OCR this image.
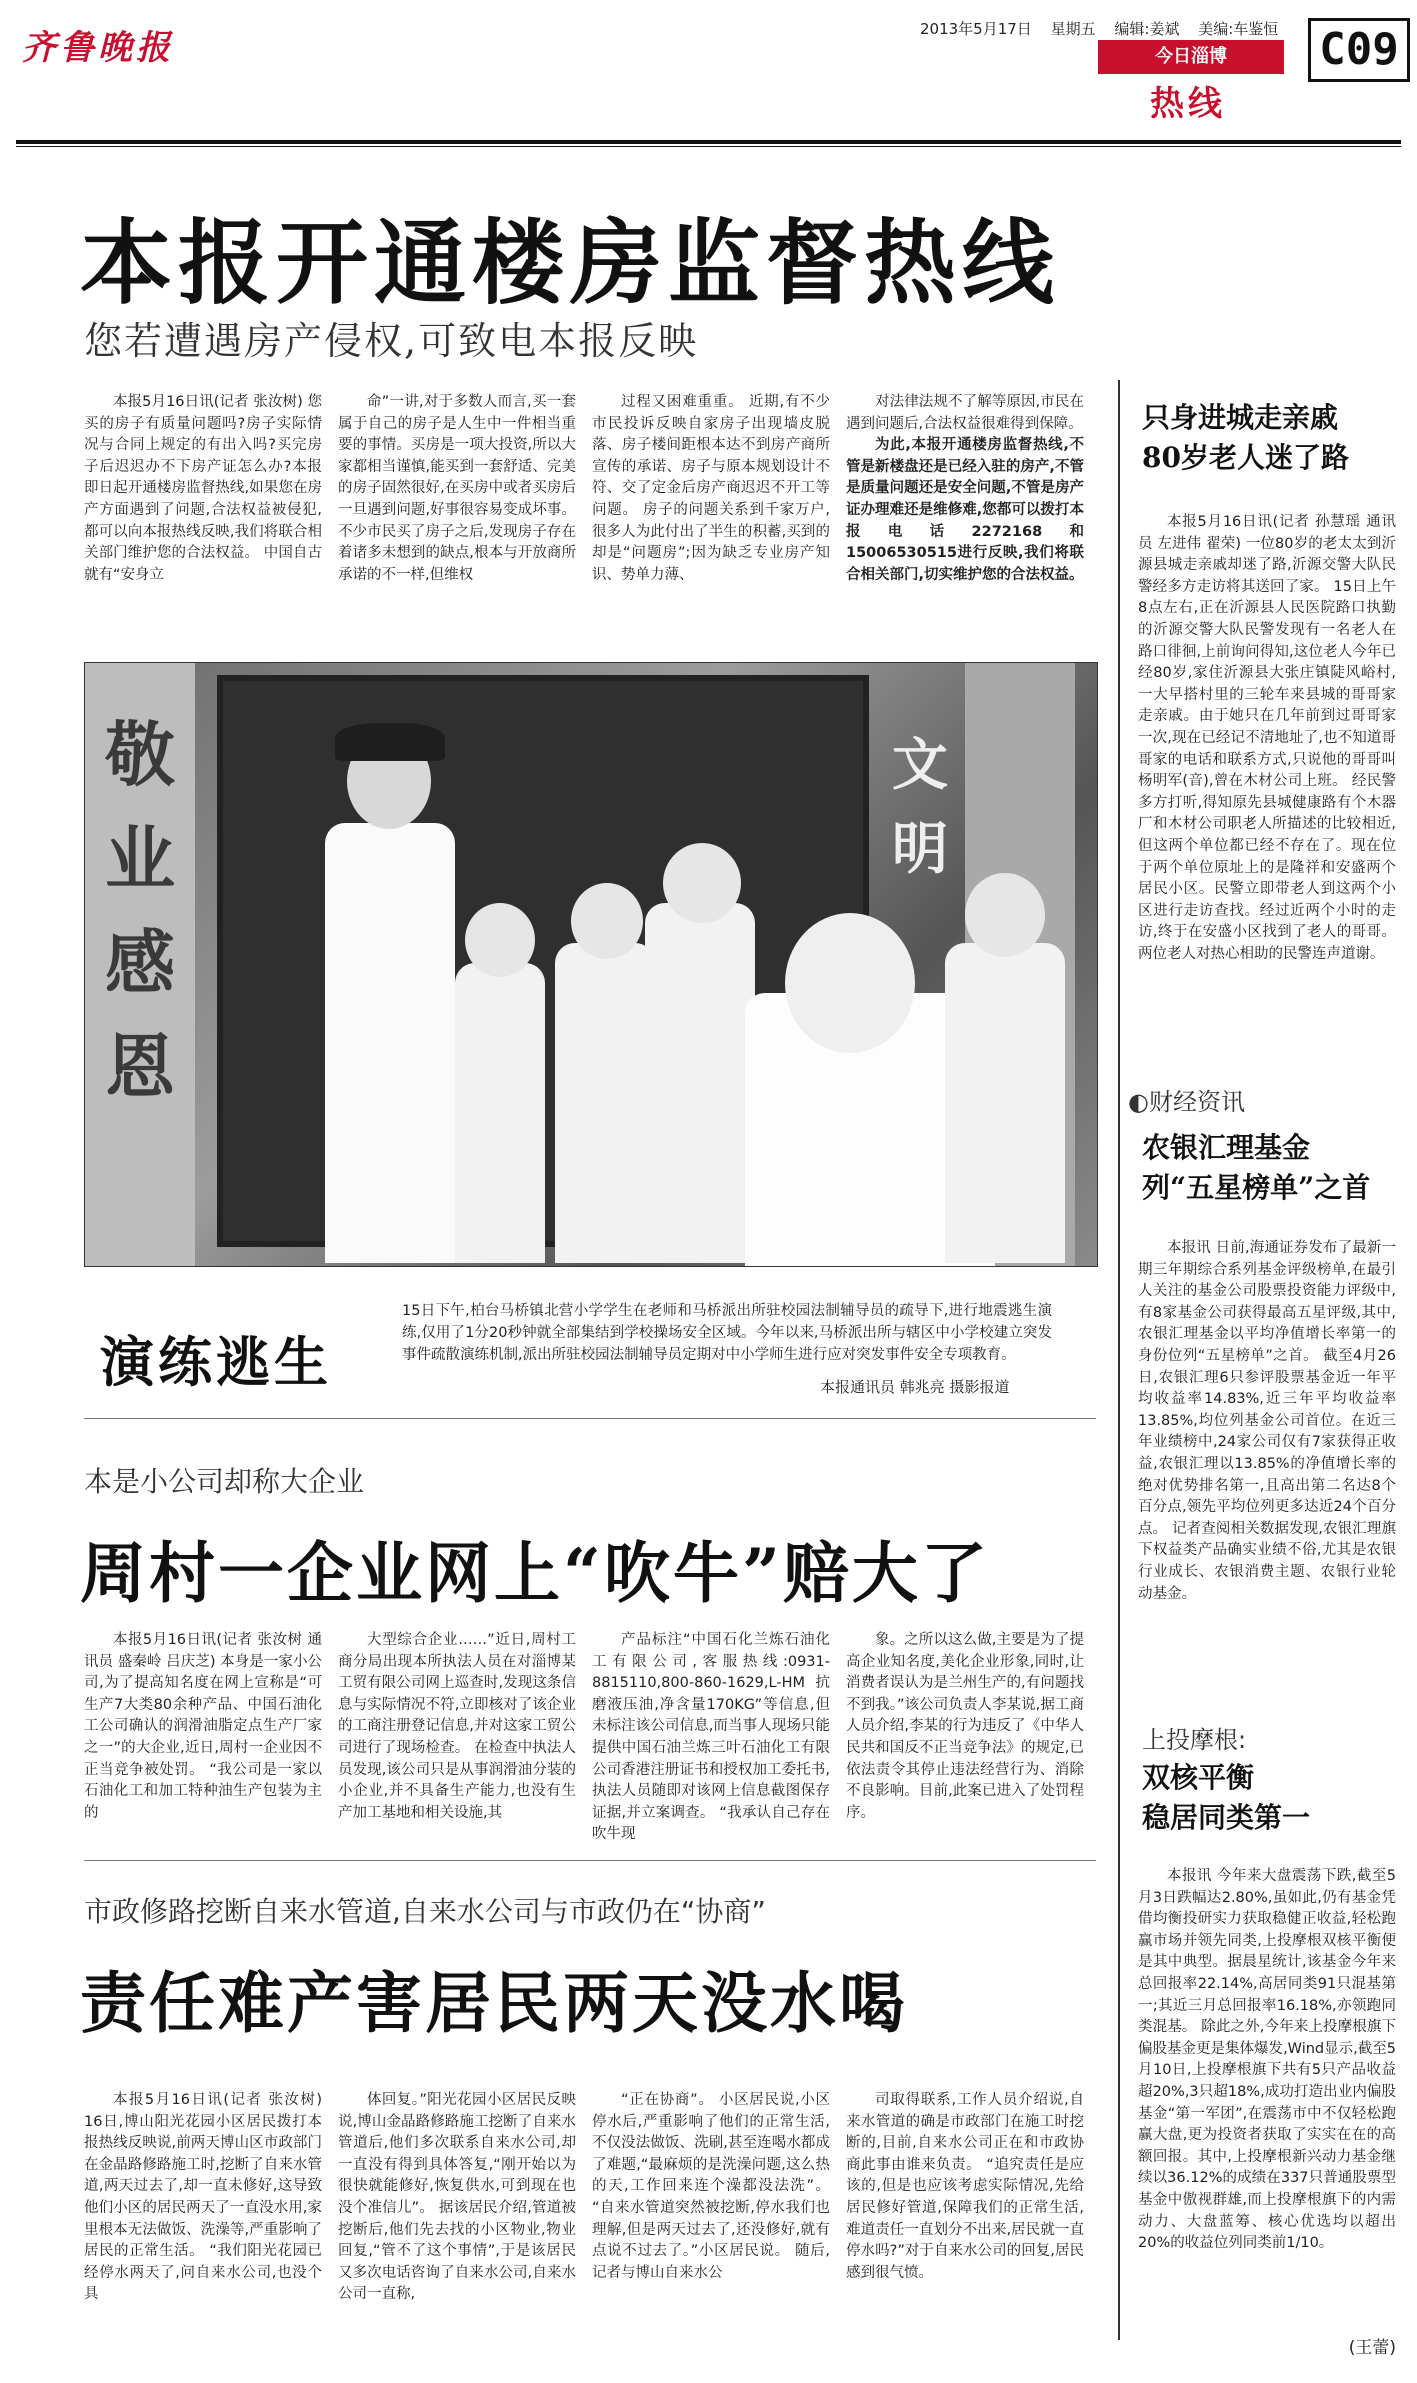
齐鲁晚报	2013年5月17日 星期五 编辑:姜斌 美编:车鉴恒
今日淄博
热线
C09
本报开通楼房监督热线
您若遭遇房产侵权,可致电本报反映

本报5月16日讯(记者 张汝树) 您买的房子有质量问题吗?房子实际情况与合同上规定的有出入吗?买完房子后迟迟办不下房产证怎么办?本报即日起开通楼房监督热线,如果您在房产方面遇到了问题,合法权益被侵犯,都可以向本报热线反映,我们将联合相关部门维护您的合法权益。 中国自古就有“安身立

命”一讲,对于多数人而言,买一套属于自己的房子是人生中一件相当重要的事情。买房是一项大投资,所以大家都相当谨慎,能买到一套舒适、完美的房子固然很好,在买房中或者买房后一旦遇到问题,好事很容易变成坏事。不少市民买了房子之后,发现房子存在着诸多未想到的缺点,根本与开放商所承诺的不一样,但维权

过程又困难重重。 近期,有不少市民投诉反映自家房子出现墙皮脱落、房子楼间距根本达不到房产商所宣传的承诺、房子与原本规划设计不符、交了定金后房产商迟迟不开工等问题。 房子的问题关系到千家万户,很多人为此付出了半生的积蓄,买到的却是“问题房”;因为缺乏专业房产知识、势单力薄、

对法律法规不了解等原因,市民在遇到问题后,合法权益很难得到保障。

为此,本报开通楼房监督热线,不管是新楼盘还是已经入驻的房产,不管是质量问题还是安全问题,不管是房产证办理难还是维修难,您都可以拨打本报电话2272168和15006530515进行反映,我们将联合相关部门,切实维护您的合法权益。

敬业感恩
文明
演练逃生
15日下午,柏台马桥镇北营小学学生在老师和马桥派出所驻校园法制辅导员的疏导下,进行地震逃生演练,仅用了1分20秒钟就全部集结到学校操场安全区域。今年以来,马桥派出所与辖区中小学校建立突发事件疏散演练机制,派出所驻校园法制辅导员定期对中小学师生进行应对突发事件安全专项教育。
本报通讯员 韩兆亮 摄影报道
本是小公司却称大企业
周村一企业网上“吹牛”赔大了

本报5月16日讯(记者 张汝树 通讯员 盛秦岭 吕庆芝) 本身是一家小公司,为了提高知名度在网上宣称是“可生产7大类80余种产品、中国石油化工公司确认的润滑油脂定点生产厂家之一”的大企业,近日,周村一企业因不正当竞争被处罚。 “我公司是一家以石油化工和加工特种油生产包装为主的

大型综合企业……”近日,周村工商分局出现本所执法人员在对淄博某工贸有限公司网上巡查时,发现这条信息与实际情况不符,立即核对了该企业的工商注册登记信息,并对这家工贸公司进行了现场检查。 在检查中执法人员发现,该公司只是从事润滑油分装的小企业,并不具备生产能力,也没有生产加工基地和相关设施,其

产品标注“中国石化兰炼石油化工有限公司,客服热线:0931-8815110,800-860-1629,L-HM抗磨液压油,净含量170KG”等信息,但未标注该公司信息,而当事人现场只能提供中国石油兰炼三叶石油化工有限公司香港注册证书和授权加工委托书,执法人员随即对该网上信息截图保存证据,并立案调查。 “我承认自己存在吹牛现

象。之所以这么做,主要是为了提高企业知名度,美化企业形象,同时,让消费者误认为是兰州生产的,有问题找不到我。”该公司负责人李某说,据工商人员介绍,李某的行为违反了《中华人民共和国反不正当竞争法》的规定,已依法责令其停止违法经营行为、消除不良影响。目前,此案已进入了处罚程序。

市政修路挖断自来水管道,自来水公司与市政仍在“协商”
责任难产害居民两天没水喝

本报5月16日讯(记者 张汝树) 16日,博山阳光花园小区居民拨打本报热线反映说,前两天博山区市政部门在金晶路修路施工时,挖断了自来水管道,两天过去了,却一直未修好,这导致他们小区的居民两天了一直没水用,家里根本无法做饭、洗澡等,严重影响了居民的正常生活。 “我们阳光花园已经停水两天了,问自来水公司,也没个具

体回复。”阳光花园小区居民反映说,博山金晶路修路施工挖断了自来水管道后,他们多次联系自来水公司,却一直没有得到具体答复,“刚开始以为很快就能修好,恢复供水,可到现在也没个准信儿”。 据该居民介绍,管道被挖断后,他们先去找的小区物业,物业回复,“管不了这个事情”,于是该居民又多次电话咨询了自来水公司,自来水公司一直称,

“正在协商”。 小区居民说,小区停水后,严重影响了他们的正常生活,不仅没法做饭、洗刷,甚至连喝水都成了难题,“最麻烦的是洗澡问题,这么热的天,工作回来连个澡都没法洗”。 “自来水管道突然被挖断,停水我们也理解,但是两天过去了,还没修好,就有点说不过去了。”小区居民说。 随后,记者与博山自来水公

司取得联系,工作人员介绍说,自来水管道的确是市政部门在施工时挖断的,目前,自来水公司正在和市政协商此事由谁来负责。 “追究责任是应该的,但是也应该考虑实际情况,先给居民修好管道,保障我们的正常生活,难道责任一直划分不出来,居民就一直停水吗?”对于自来水公司的回复,居民感到很气愤。

只身进城走亲戚
80岁老人迷了路

本报5月16日讯(记者 孙慧瑶 通讯员 左进伟 翟荣) 一位80岁的老太太到沂源县城走亲戚却迷了路,沂源交警大队民警经多方走访将其送回了家。 15日上午8点左右,正在沂源县人民医院路口执勤的沂源交警大队民警发现有一名老人在路口徘徊,上前询问得知,这位老人今年已经80岁,家住沂源县大张庄镇陡风峪村,一大早搭村里的三轮车来县城的哥哥家走亲戚。由于她只在几年前到过哥哥家一次,现在已经记不清地址了,也不知道哥哥家的电话和联系方式,只说他的哥哥叫杨明军(音),曾在木材公司上班。 经民警多方打听,得知原先县城健康路有个木器厂和木材公司职老人所描述的比较相近,但这两个单位都已经不存在了。现在位于两个单位原址上的是隆祥和安盛两个居民小区。民警立即带老人到这两个小区进行走访查找。经过近两个小时的走访,终于在安盛小区找到了老人的哥哥。两位老人对热心相助的民警连声道谢。

◐财经资讯
农银汇理基金
列“五星榜单”之首

本报讯 日前,海通证券发布了最新一期三年期综合系列基金评级榜单,在最引人关注的基金公司股票投资能力评级中,有8家基金公司获得最高五星评级,其中,农银汇理基金以平均净值增长率第一的身份位列“五星榜单”之首。 截至4月26日,农银汇理6只参评股票基金近一年平均收益率14.83%,近三年平均收益率13.85%,均位列基金公司首位。在近三年业绩榜中,24家公司仅有7家获得正收益,农银汇理以13.85%的净值增长率的绝对优势排名第一,且高出第二名达8个百分点,领先平均位列更多达近24个百分点。 记者查阅相关数据发现,农银汇理旗下权益类产品确实业绩不俗,尤其是农银行业成长、农银消费主题、农银行业轮动基金。

上投摩根:
双核平衡
稳居同类第一

本报讯 今年来大盘震荡下跌,截至5月3日跌幅达2.80%,虽如此,仍有基金凭借均衡投研实力获取稳健正收益,轻松跑赢市场并领先同类,上投摩根双核平衡便是其中典型。据晨星统计,该基金今年来总回报率22.14%,高居同类91只混基第一;其近三月总回报率16.18%,亦领跑同类混基。 除此之外,今年来上投摩根旗下偏股基金更是集体爆发,Wind显示,截至5月10日,上投摩根旗下共有5只产品收益超20%,3只超18%,成功打造出业内偏股基金“第一军团”,在震荡市中不仅轻松跑赢大盘,更为投资者获取了实实在在的高额回报。其中,上投摩根新兴动力基金继续以36.12%的成绩在337只普通股票型基金中傲视群雄,而上投摩根旗下的内需动力、大盘蓝筹、核心优选均以超出20%的收益位列同类前1/10。

(王蕾)
